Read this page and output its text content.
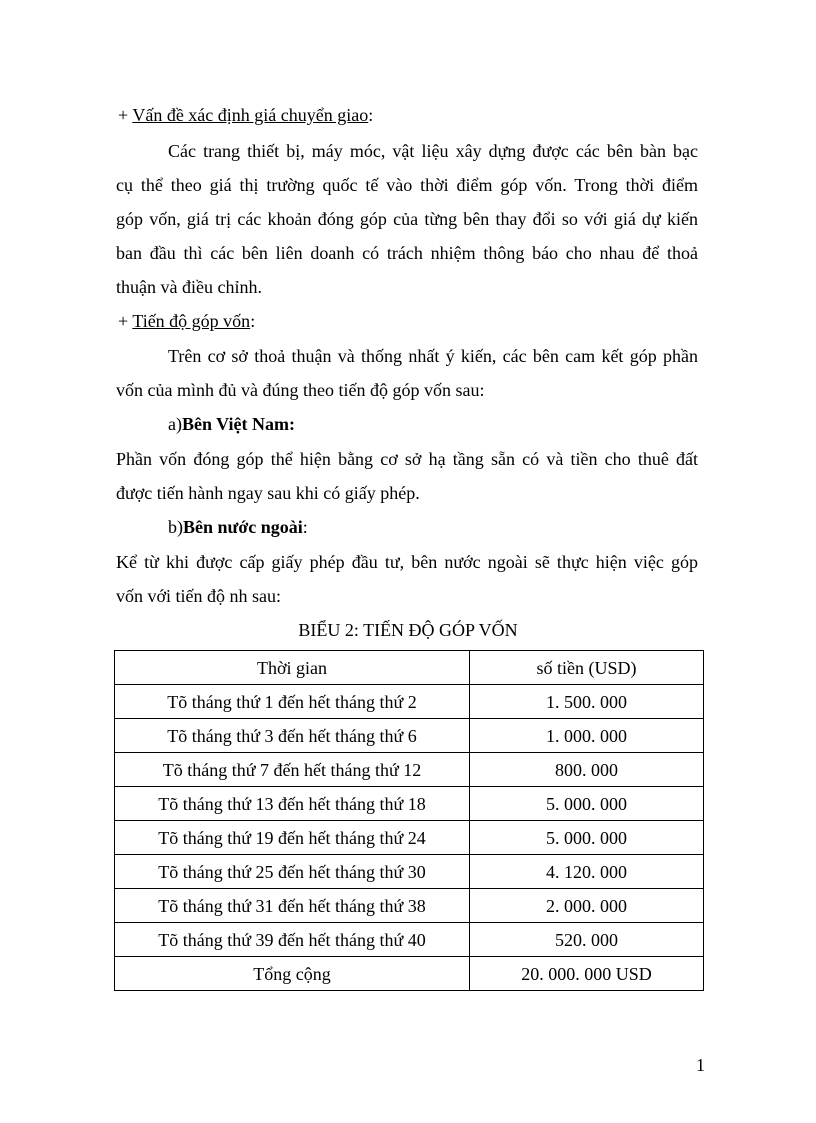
+ Vấn đề xác định giá chuyển giao:
Các trang thiết bị, máy móc, vật liệu xây dựng được các bên bàn bạc
cụ thể theo giá thị trường quốc tế vào thời điểm góp vốn. Trong thời điểm
góp vốn, giá trị các khoản đóng góp của từng bên thay đổi so với giá dự kiến
ban đầu thì các bên liên doanh có trách nhiệm thông báo cho nhau để thoả
thuận và điều chỉnh.
+ Tiến độ góp vốn:
Trên cơ sở thoả thuận và thống nhất ý kiến, các bên cam kết góp phần
vốn của mình đủ và đúng theo tiến độ góp vốn sau:
a)Bên Việt Nam:
Phần vốn đóng góp thể hiện bằng cơ sở hạ tầng sẵn có và tiền cho thuê đất
được tiến hành ngay sau khi có giấy phép.
b)Bên nước ngoài:
Kể từ khi được cấp giấy phép đầu tư, bên nước ngoài sẽ thực hiện việc góp
vốn với tiến độ nh sau:
BIỂU 2: TIẾN ĐỘ GÓP VỐN
Thời gian	số tiền (USD)
Tõ tháng thứ 1 đến hết tháng thứ 2	1. 500. 000
Tõ tháng thứ 3 đến hết tháng thứ 6	1. 000. 000
Tõ tháng thứ 7 đến hết tháng thứ 12	800. 000
Tõ tháng thứ 13 đến hết tháng thứ 18	5. 000. 000
Tõ tháng thứ 19 đến hết tháng thứ 24	5. 000. 000
Tõ tháng thứ 25 đến hết tháng thứ 30	4. 120. 000
Tõ tháng thứ 31 đến hết tháng thứ 38	2. 000. 000
Tõ tháng thứ 39 đến hết tháng thứ 40	520. 000
Tổng cộng	20. 000. 000 USD
1
